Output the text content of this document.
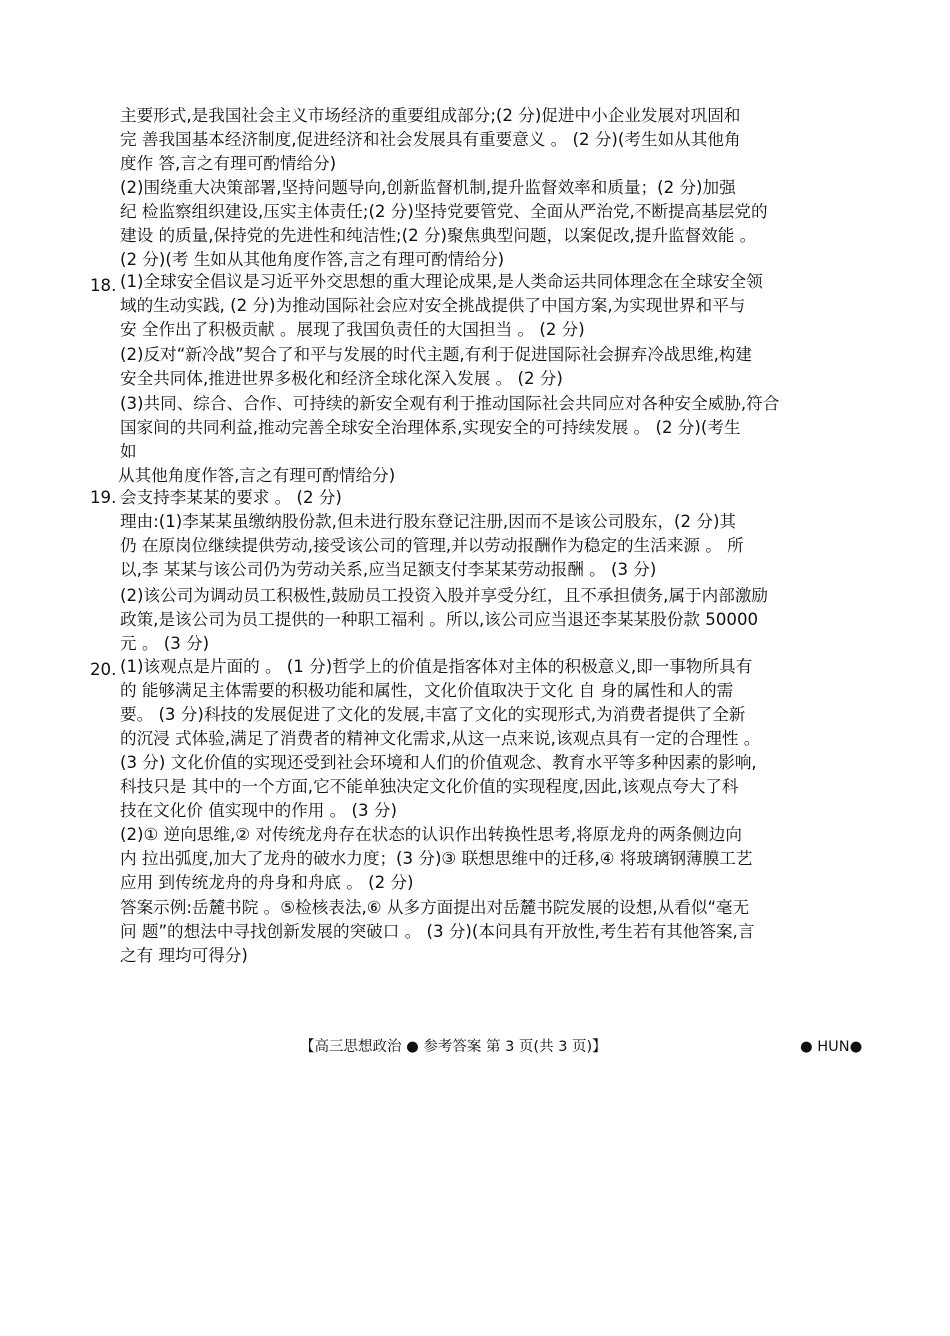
主要形式,是我国社会主义市场经济的重要组成部分;(2 分)促进中小企业发展对巩固和
完 善我国基本经济制度,促进经济和社会发展具有重要意义 。 (2 分)(考生如从其他角
度作 答,言之有理可酌情给分)
(2)围绕重大决策部署,坚持问题导向,创新监督机制,提升监督效率和质量；(2 分)加强
纪 检监察组织建设,压实主体责任;(2 分)坚持党要管党、全面从严治党,不断提高基层党的
建设 的质量,保持党的先进性和纯洁性;(2 分)聚焦典型问题，以案促改,提升监督效能 。
(2 分)(考 生如从其他角度作答,言之有理可酌情给分)
18. (1)全球安全倡议是习近平外交思想的重大理论成果,是人类命运共同体理念在全球安全领
域的生动实践, (2 分)为推动国际社会应对安全挑战提供了中国方案,为实现世界和平与
安 全作出了积极贡献 。展现了我国负责任的大国担当 。 (2 分)
(2)反对“新冷战”契合了和平与发展的时代主题,有利于促进国际社会摒弃冷战思维,构建
安全共同体,推进世界多极化和经济全球化深入发展 。 (2 分)
(3)共同、综合、合作、可持续的新安全观有利于推动国际社会共同应对各种安全威胁,符合
国家间的共同利益,推动完善全球安全治理体系,实现安全的可持续发展 。 (2 分)(考生
如
从其他角度作答,言之有理可酌情给分)
19. 会支持李某某的要求 。 (2 分)
理由:(1)李某某虽缴纳股份款,但未进行股东登记注册,因而不是该公司股东，(2 分)其
仍 在原岗位继续提供劳动,接受该公司的管理,并以劳动报酬作为稳定的生活来源 。 所
以,李 某某与该公司仍为劳动关系,应当足额支付李某某劳动报酬 。 (3 分)
(2)该公司为调动员工积极性,鼓励员工投资入股并享受分红，且不承担债务,属于内部激励
政策,是该公司为员工提供的一种职工福利 。所以,该公司应当退还李某某股份款 50000
元 。 (3 分)
20. (1)该观点是片面的 。 (1 分)哲学上的价值是指客体对主体的积极意义,即一事物所具有
的 能够满足主体需要的积极功能和属性，文化价值取决于文化 自 身的属性和人的需
要。 (3 分)科技的发展促进了文化的发展,丰富了文化的实现形式,为消费者提供了全新
的沉浸 式体验,满足了消费者的精神文化需求,从这一点来说,该观点具有一定的合理性 。
(3 分) 文化价值的实现还受到社会环境和人们的价值观念、教育水平等多种因素的影响,
科技只是 其中的一个方面,它不能单独决定文化价值的实现程度,因此,该观点夸大了科
技在文化价 值实现中的作用 。 (3 分)
(2)① 逆向思维,② 对传统龙舟存在状态的认识作出转换性思考,将原龙舟的两条侧边向
内 拉出弧度,加大了龙舟的破水力度；(3 分)③ 联想思维中的迁移,④ 将玻璃钢薄膜工艺
应用 到传统龙舟的舟身和舟底 。 (2 分)
答案示例:岳麓书院 。⑤检核表法,⑥ 从多方面提出对岳麓书院发展的设想,从看似“毫无
问 题”的想法中寻找创新发展的突破口 。 (3 分)(本问具有开放性,考生若有其他答案,言
之有 理均可得分)
【高三思想政治 ● 参考答案 第 3 页(共 3 页)】	● HUN●
